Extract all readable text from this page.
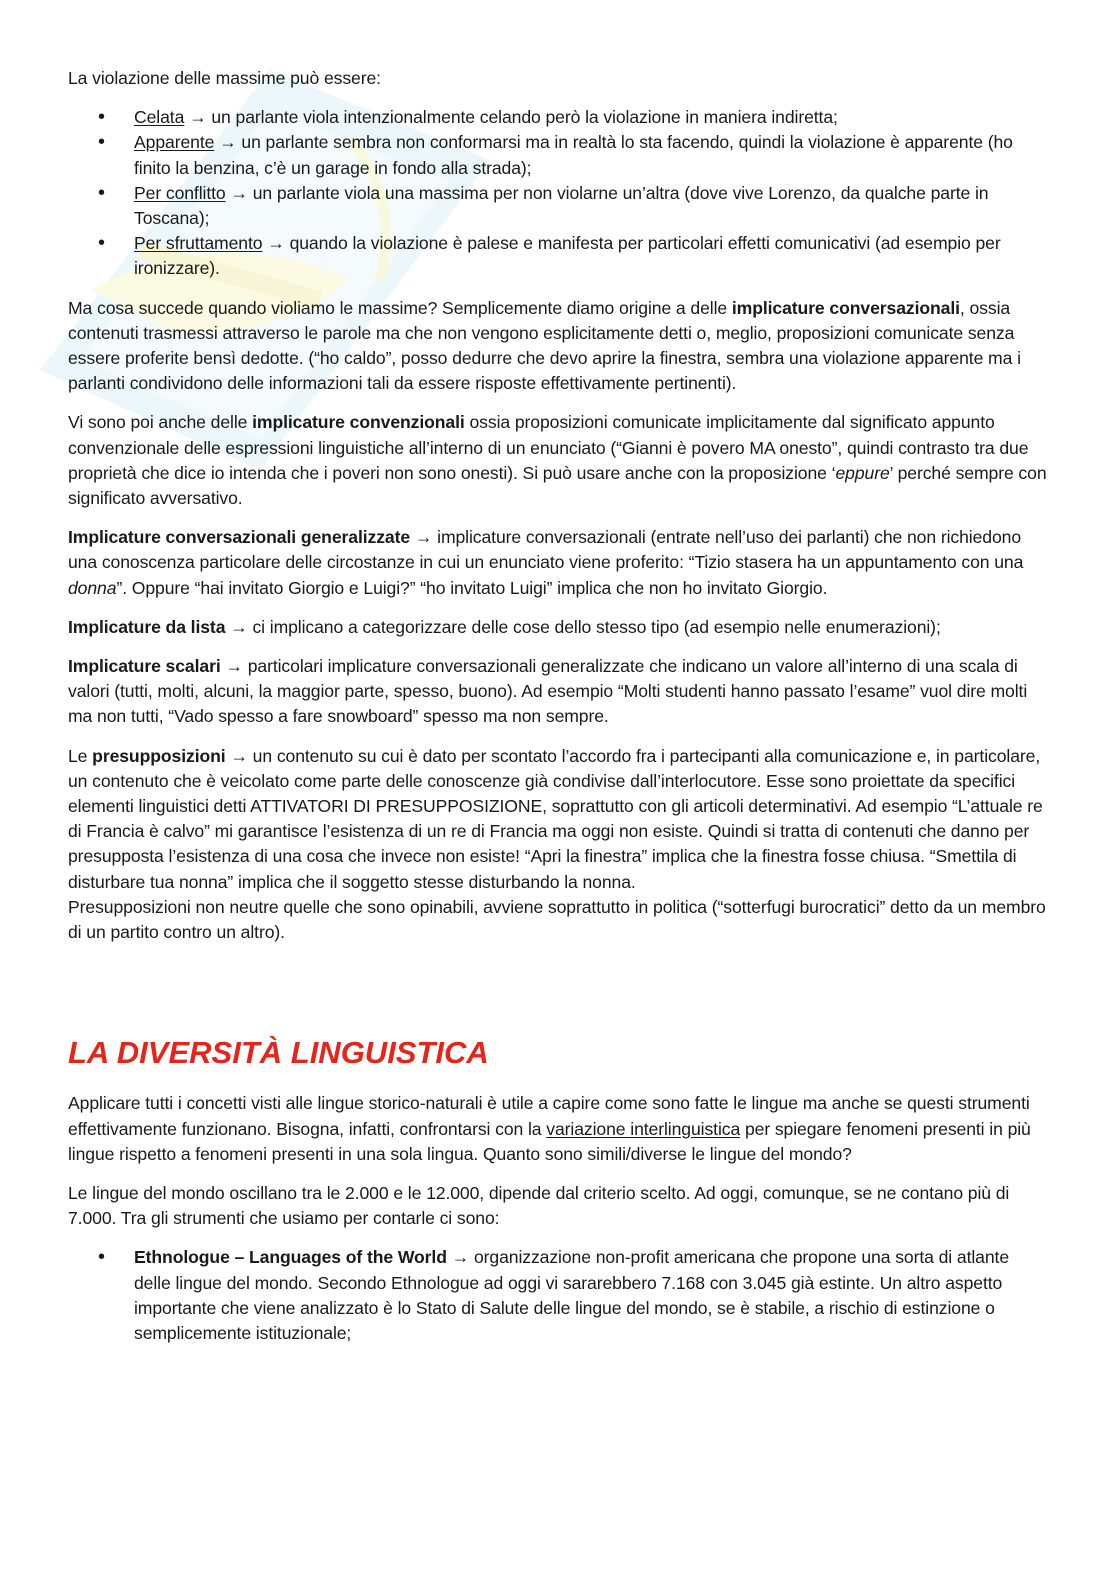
La violazione delle massime può essere:

• Celata → un parlante viola intenzionalmente celando però la violazione in maniera indiretta;
• Apparente → un parlante sembra non conformarsi ma in realtà lo sta facendo, quindi la violazione è apparente (ho finito la benzina, c’è un garage in fondo alla strada);
• Per conflitto → un parlante viola una massima per non violarne un’altra (dove vive Lorenzo, da qualche parte in Toscana);
• Per sfruttamento → quando la violazione è palese e manifesta per particolari effetti comunicativi (ad esempio per ironizzare).

Ma cosa succede quando violiamo le massime? Semplicemente diamo origine a delle implicature conversazionali, ossia contenuti trasmessi attraverso le parole ma che non vengono esplicitamente detti o, meglio, proposizioni comunicate senza essere proferite bensì dedotte. (“ho caldo”, posso dedurre che devo aprire la finestra, sembra una violazione apparente ma i parlanti condividono delle informazioni tali da essere risposte effettivamente pertinenti).

Vi sono poi anche delle implicature convenzionali ossia proposizioni comunicate implicitamente dal significato appunto convenzionale delle espressioni linguistiche all’interno di un enunciato (“Gianni è povero MA onesto”, quindi contrasto tra due proprietà che dice io intenda che i poveri non sono onesti). Si può usare anche con la proposizione ‘eppure’ perché sempre con significato avversativo.

Implicature conversazionali generalizzate → implicature conversazionali (entrate nell’uso dei parlanti) che non richiedono una conoscenza particolare delle circostanze in cui un enunciato viene proferito: “Tizio stasera ha un appuntamento con una donna”. Oppure “hai invitato Giorgio e Luigi?” “ho invitato Luigi” implica che non ho invitato Giorgio.

Implicature da lista → ci implicano a categorizzare delle cose dello stesso tipo (ad esempio nelle enumerazioni);

Implicature scalari → particolari implicature conversazionali generalizzate che indicano un valore all’interno di una scala di valori (tutti, molti, alcuni, la maggior parte, spesso, buono). Ad esempio “Molti studenti hanno passato l’esame” vuol dire molti ma non tutti, “Vado spesso a fare snowboard” spesso ma non sempre.

Le presupposizioni → un contenuto su cui è dato per scontato l’accordo fra i partecipanti alla comunicazione e, in particolare, un contenuto che è veicolato come parte delle conoscenze già condivise dall’interlocutore. Esse sono proiettate da specifici elementi linguistici detti ATTIVATORI DI PRESUPPOSIZIONE, soprattutto con gli articoli determinativi. Ad esempio “L’attuale re di Francia è calvo” mi garantisce l’esistenza di un re di Francia ma oggi non esiste. Quindi si tratta di contenuti che danno per presupposta l’esistenza di una cosa che invece non esiste! “Apri la finestra” implica che la finestra fosse chiusa. “Smettila di disturbare tua nonna” implica che il soggetto stesse disturbando la nonna.

Presupposizioni non neutre quelle che sono opinabili, avviene soprattutto in politica (“sotterfugi burocratici” detto da un membro di un partito contro un altro).

LA DIVERSITÀ LINGUISTICA

Applicare tutti i concetti visti alle lingue storico-naturali è utile a capire come sono fatte le lingue ma anche se questi strumenti effettivamente funzionano. Bisogna, infatti, confrontarsi con la variazione interlinguistica per spiegare fenomeni presenti in più lingue rispetto a fenomeni presenti in una sola lingua. Quanto sono simili/diverse le lingue del mondo?

Le lingue del mondo oscillano tra le 2.000 e le 12.000, dipende dal criterio scelto. Ad oggi, comunque, se ne contano più di 7.000. Tra gli strumenti che usiamo per contarle ci sono:

• Ethnologue – Languages of the World → organizzazione non-profit americana che propone una sorta di atlante delle lingue del mondo. Secondo Ethnologue ad oggi vi sararebbero 7.168 con 3.045 già estinte. Un altro aspetto importante che viene analizzato è lo Stato di Salute delle lingue del mondo, se è stabile, a rischio di estinzione o semplicemente istituzionale;
